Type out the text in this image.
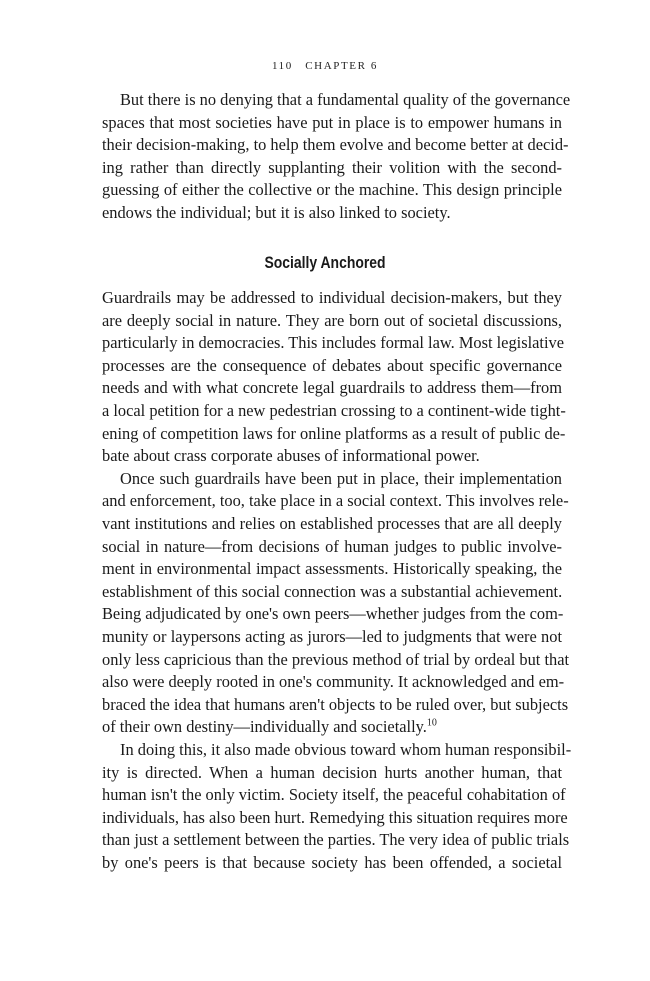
110 CHAPTER 6
But there is no denying that a fundamental quality of the governance
spaces that most societies have put in place is to empower humans in
their decision-making, to help them evolve and become better at decid-
ing rather than directly supplanting their volition with the second-
guessing of either the collective or the machine. This design principle
endows the individual; but it is also linked to society.
Socially Anchored
Guardrails may be addressed to individual decision-makers, but they
are deeply social in nature. They are born out of societal discussions,
particularly in democracies. This includes formal law. Most legislative
processes are the consequence of debates about specific governance
needs and with what concrete legal guardrails to address them—from
a local petition for a new pedestrian crossing to a continent-wide tight-
ening of competition laws for online platforms as a result of public de-
bate about crass corporate abuses of informational power.
Once such guardrails have been put in place, their implementation
and enforcement, too, take place in a social context. This involves rele-
vant institutions and relies on established processes that are all deeply
social in nature—from decisions of human judges to public involve-
ment in environmental impact assessments. Historically speaking, the
establishment of this social connection was a substantial achievement.
Being adjudicated by one's own peers—whether judges from the com-
munity or laypersons acting as jurors—led to judgments that were not
only less capricious than the previous method of trial by ordeal but that
also were deeply rooted in one's community. It acknowledged and em-
braced the idea that humans aren't objects to be ruled over, but subjects
of their own destiny—individually and societally.$^{10}$
In doing this, it also made obvious toward whom human responsibil-
ity is directed. When a human decision hurts another human, that
human isn't the only victim. Society itself, the peaceful cohabitation of
individuals, has also been hurt. Remedying this situation requires more
than just a settlement between the parties. The very idea of public trials
by one's peers is that because society has been offended, a societal
